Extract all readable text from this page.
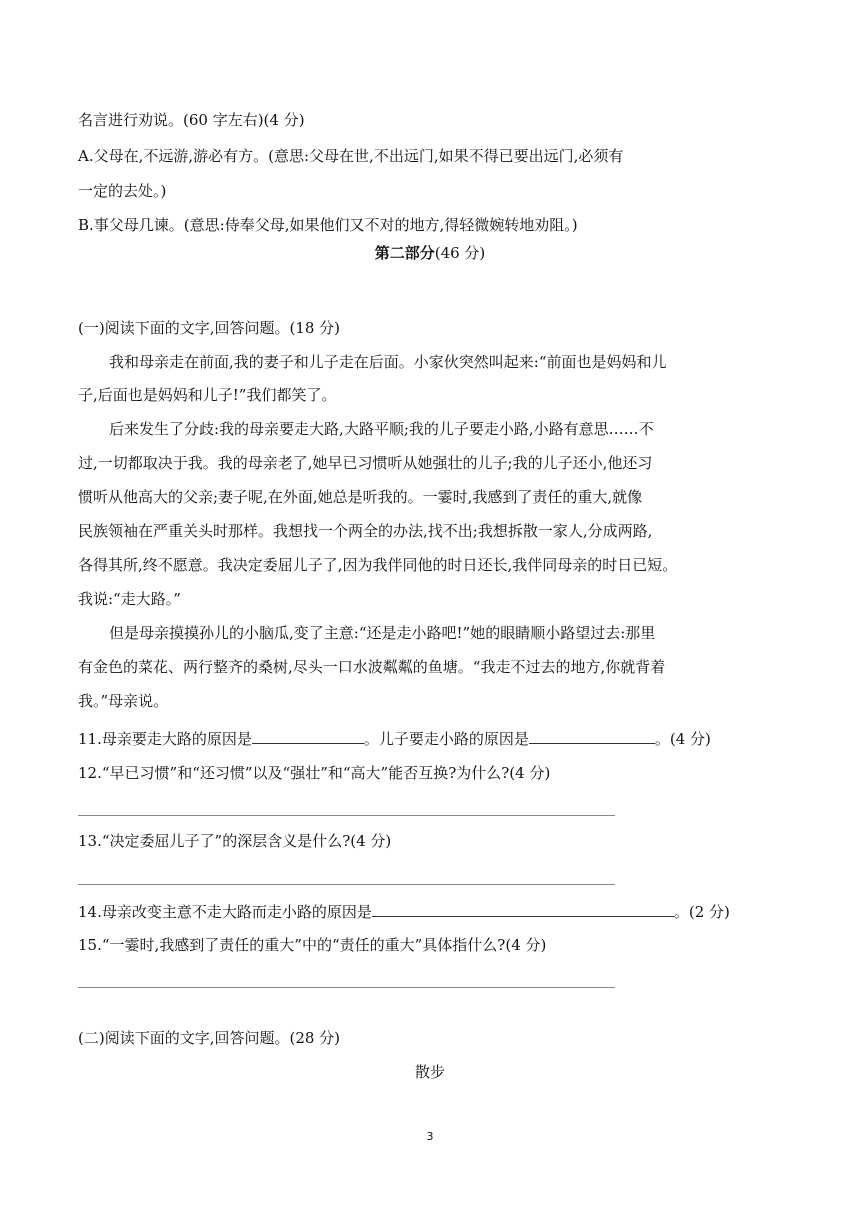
名言进行劝说。(60 字左右)(4 分)
A.父母在,不远游,游必有方。(意思:父母在世,不出远门,如果不得已要出远门,必须有
一定的去处。)
B.事父母几谏。(意思:侍奉父母,如果他们又不对的地方,得轻微婉转地劝阻。)
第二部分(46 分)
(一)阅读下面的文字,回答问题。(18 分)
我和母亲走在前面,我的妻子和儿子走在后面。小家伙突然叫起来:“前面也是妈妈和儿
子,后面也是妈妈和儿子!”我们都笑了。
后来发生了分歧:我的母亲要走大路,大路平顺;我的儿子要走小路,小路有意思……不
过,一切都取决于我。我的母亲老了,她早已习惯听从她强壮的儿子;我的儿子还小,他还习
惯听从他高大的父亲;妻子呢,在外面,她总是听我的。一霎时,我感到了责任的重大,就像
民族领袖在严重关头时那样。我想找一个两全的办法,找不出;我想拆散一家人,分成两路,
各得其所,终不愿意。我决定委屈儿子了,因为我伴同他的时日还长,我伴同母亲的时日已短。
我说:“走大路。”
但是母亲摸摸孙儿的小脑瓜,变了主意:“还是走小路吧!”她的眼睛顺小路望过去:那里
有金色的菜花、两行整齐的桑树,尽头一口水波粼粼的鱼塘。“我走不过去的地方,你就背着
我。”母亲说。
11.母亲要走大路的原因是	。儿子要走小路的原因是	。(4 分)
12.“早已习惯”和“还习惯”以及“强壮”和“高大”能否互换?为什么?(4 分)
13.“决定委屈儿子了”的深层含义是什么?(4 分)
14.母亲改变主意不走大路而走小路的原因是	。(2 分)
15.“一霎时,我感到了责任的重大”中的“责任的重大”具体指什么?(4 分)
(二)阅读下面的文字,回答问题。(28 分)
散步
3
